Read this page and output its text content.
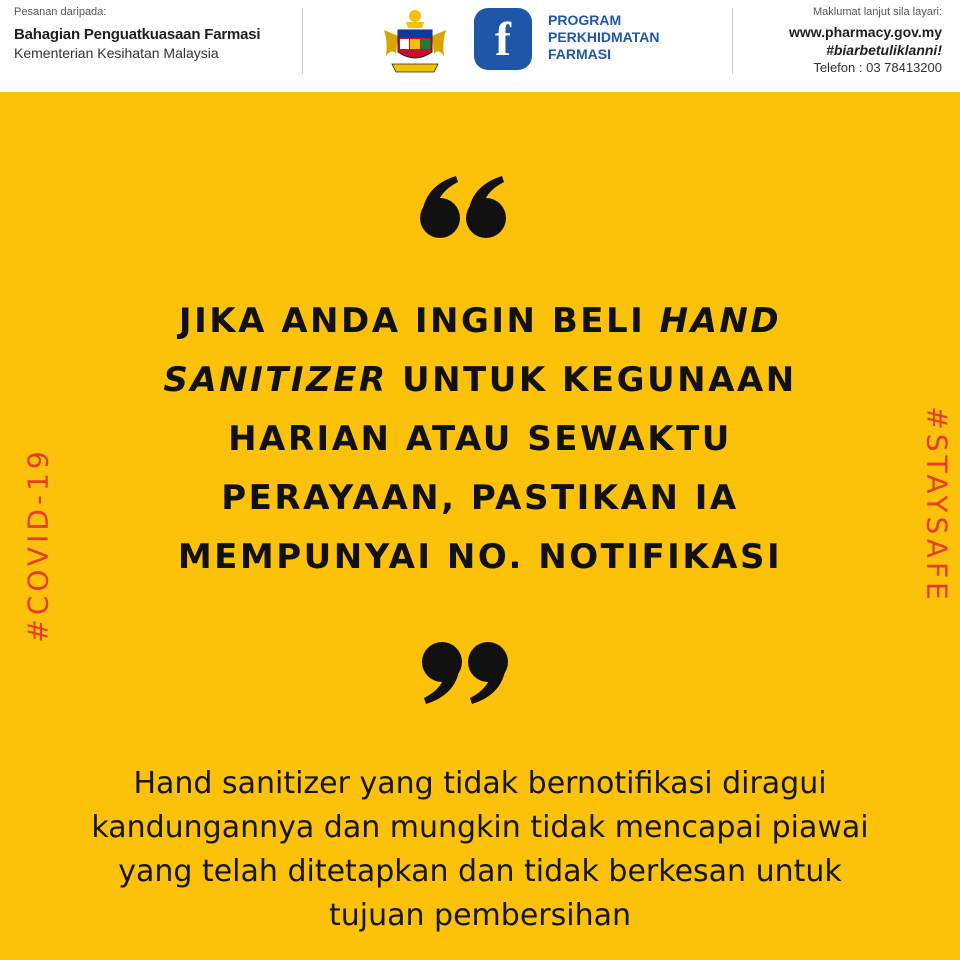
Pesanan daripada:
Bahagian Penguatkuasaan Farmasi
Kementerian Kesihatan Malaysia	f	PROGRAM
PERKHIDMATAN
FARMASI
Maklumat lanjut sila layari:
www.pharmacy.gov.my
#biarbetuliklanni!
Telefon : 03 78413200
JIKA ANDA INGIN BELI HAND
SANITIZER UNTUK KEGUNAAN
HARIAN ATAU SEWAKTU
PERAYAAN, PASTIKAN IA
MEMPUNYAI NO. NOTIFIKASI
#COVID-19	#STAYSAFE
Hand sanitizer yang tidak bernotifikasi diragui
kandungannya dan mungkin tidak mencapai piawai
yang telah ditetapkan dan tidak berkesan untuk
tujuan pembersihan
